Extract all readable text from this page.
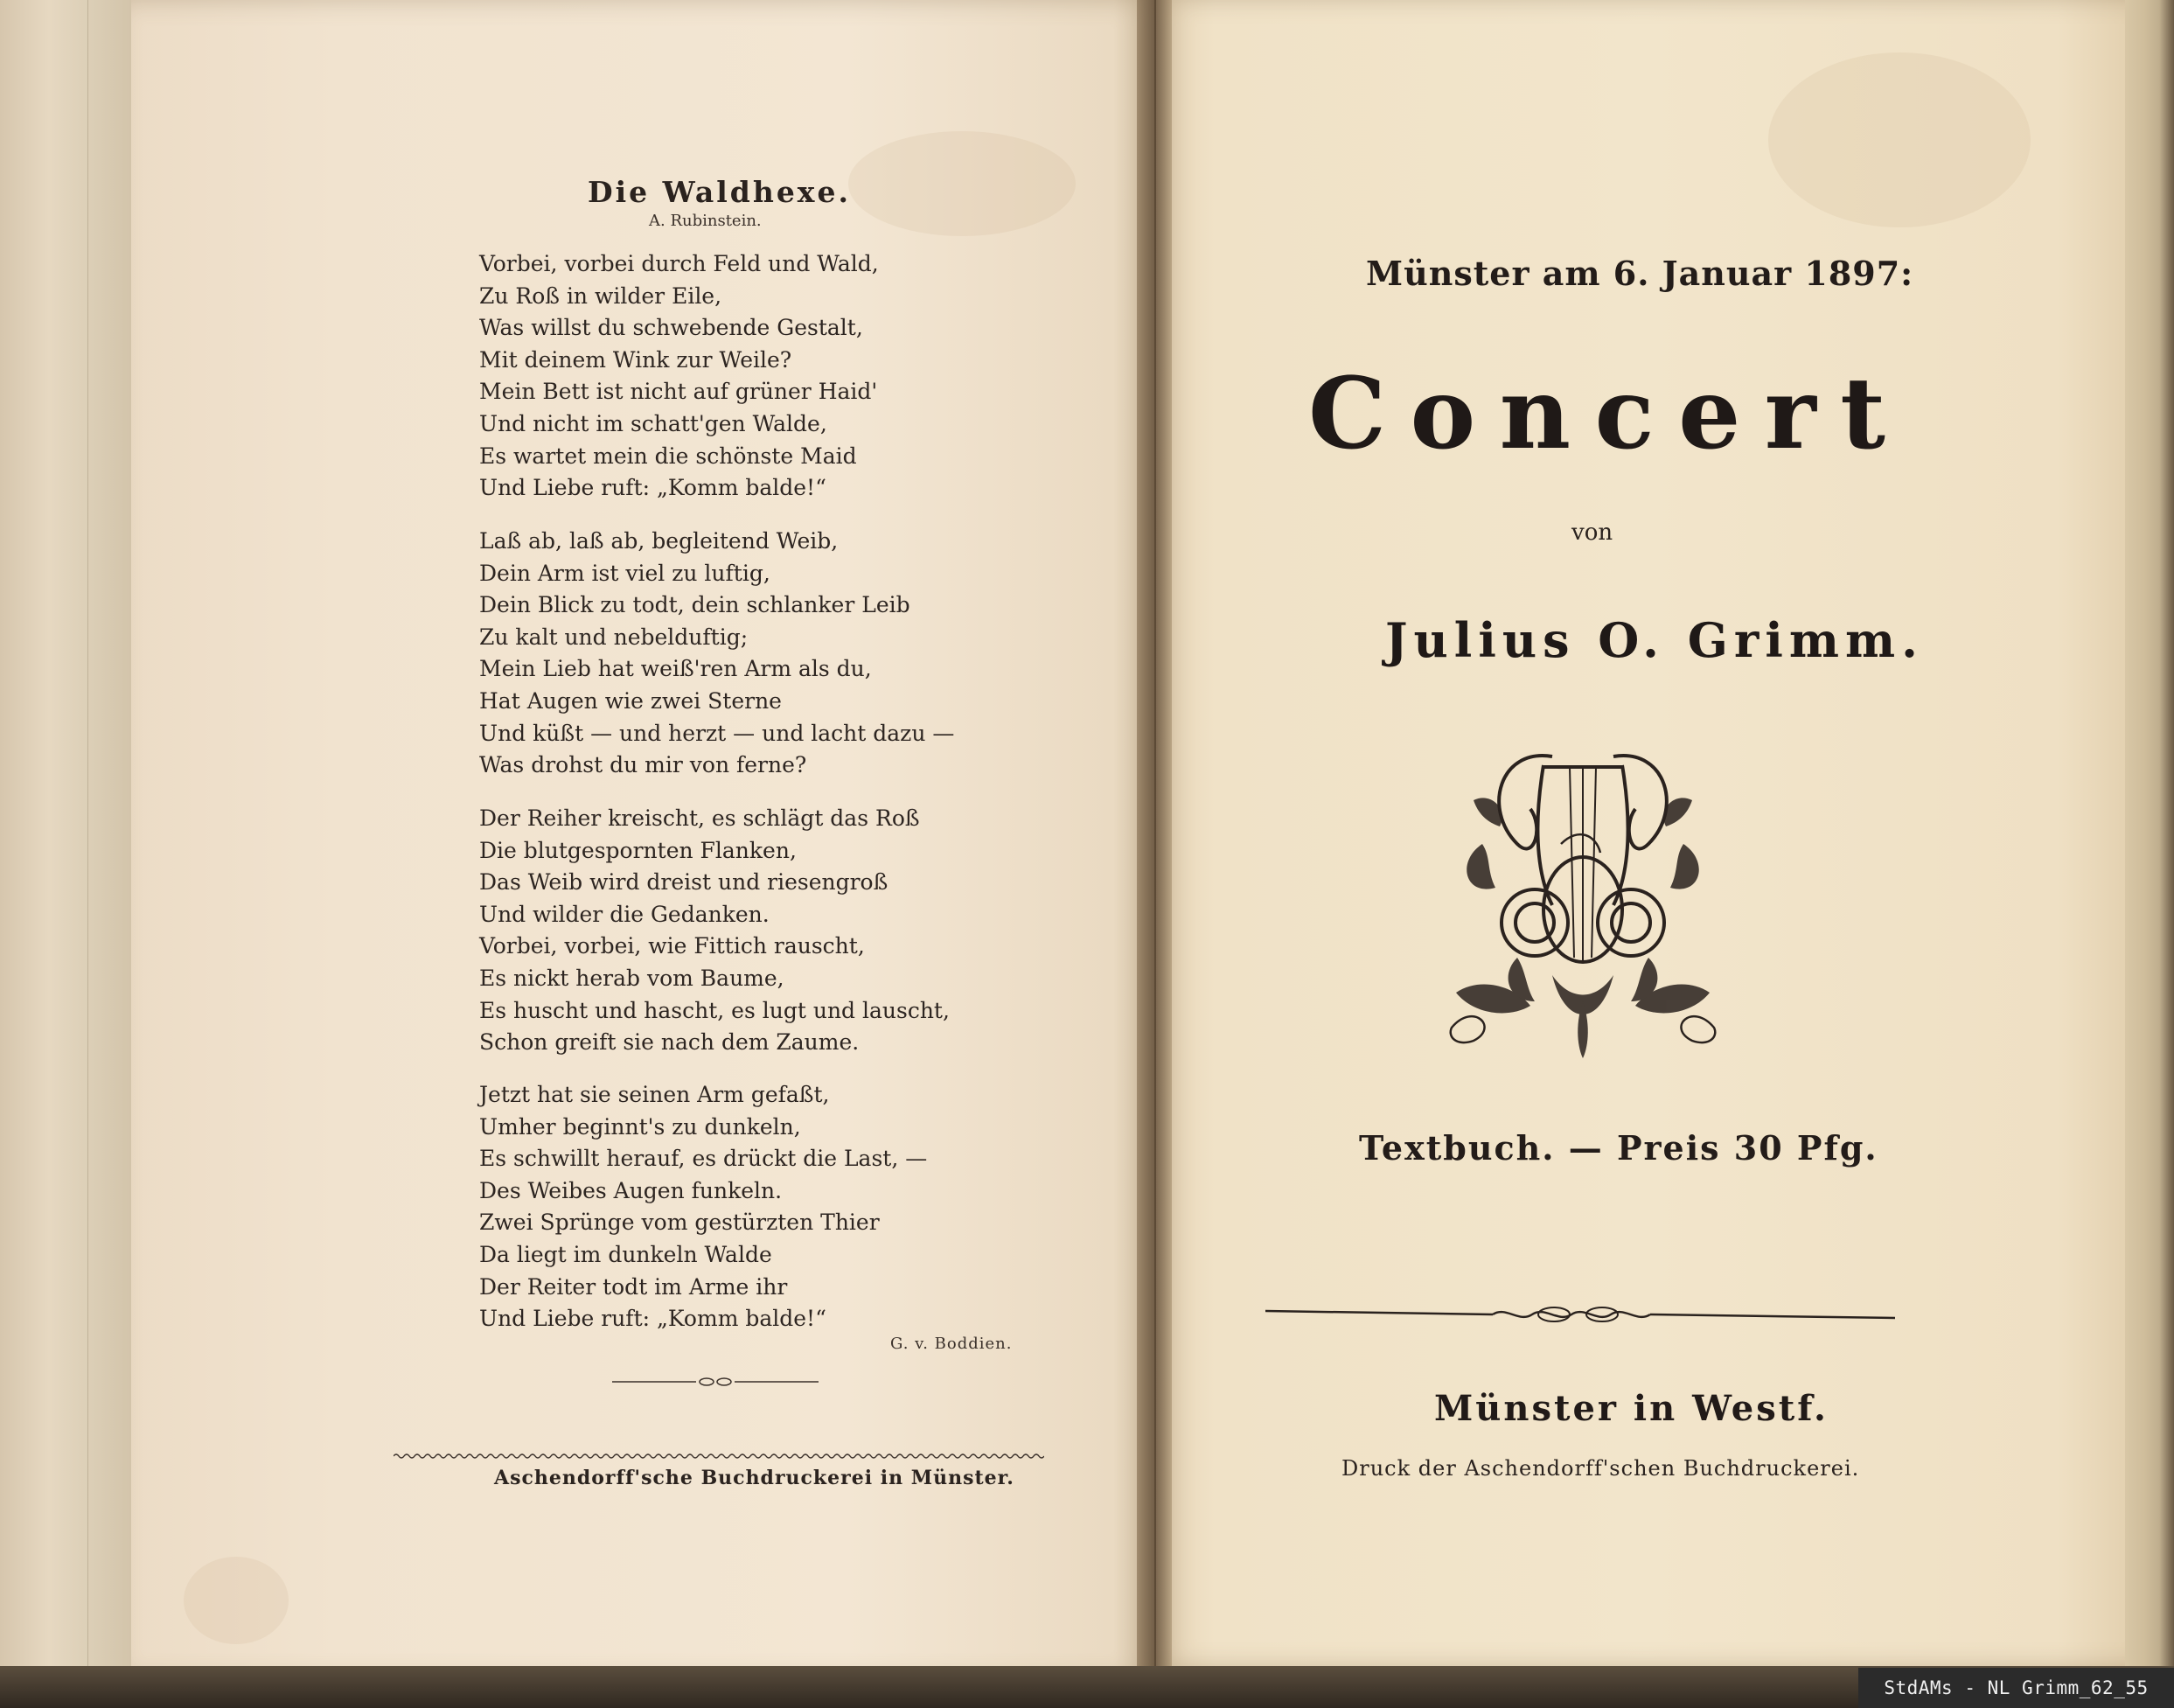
Die Waldhexe.
A. Rubinstein.
Vorbei, vorbei durch Feld und Wald,
Zu Roß in wilder Eile,
Was willst du schwebende Gestalt,
Mit deinem Wink zur Weile?
Mein Bett ist nicht auf grüner Haid'
Und nicht im schatt'gen Walde,
Es wartet mein die schönste Maid
Und Liebe ruft: „Komm balde!“
Laß ab, laß ab, begleitend Weib,
Dein Arm ist viel zu luftig,
Dein Blick zu todt, dein schlanker Leib
Zu kalt und nebelduftig;
Mein Lieb hat weiß'ren Arm als du,
Hat Augen wie zwei Sterne
Und küßt — und herzt — und lacht dazu —
Was drohst du mir von ferne?
Der Reiher kreischt, es schlägt das Roß
Die blutgespornten Flanken,
Das Weib wird dreist und riesengroß
Und wilder die Gedanken.
Vorbei, vorbei, wie Fittich rauscht,
Es nickt herab vom Baume,
Es huscht und hascht, es lugt und lauscht,
Schon greift sie nach dem Zaume.
Jetzt hat sie seinen Arm gefaßt,
Umher beginnt's zu dunkeln,
Es schwillt herauf, es drückt die Last, —
Des Weibes Augen funkeln.
Zwei Sprünge vom gestürzten Thier
Da liegt im dunkeln Walde
Der Reiter todt im Arme ihr
Und Liebe ruft: „Komm balde!“
G. v. Boddien.
Aschendorff'sche Buchdruckerei in Münster.
Münster am 6. Januar 1897:
C o n c e r t
von
Julius O. Grimm.
Textbuch. — Preis 30 Pfg.
Münster in Westf.
Druck der Aschendorff'schen Buchdruckerei.
StdAMs - NL Grimm_62_55
